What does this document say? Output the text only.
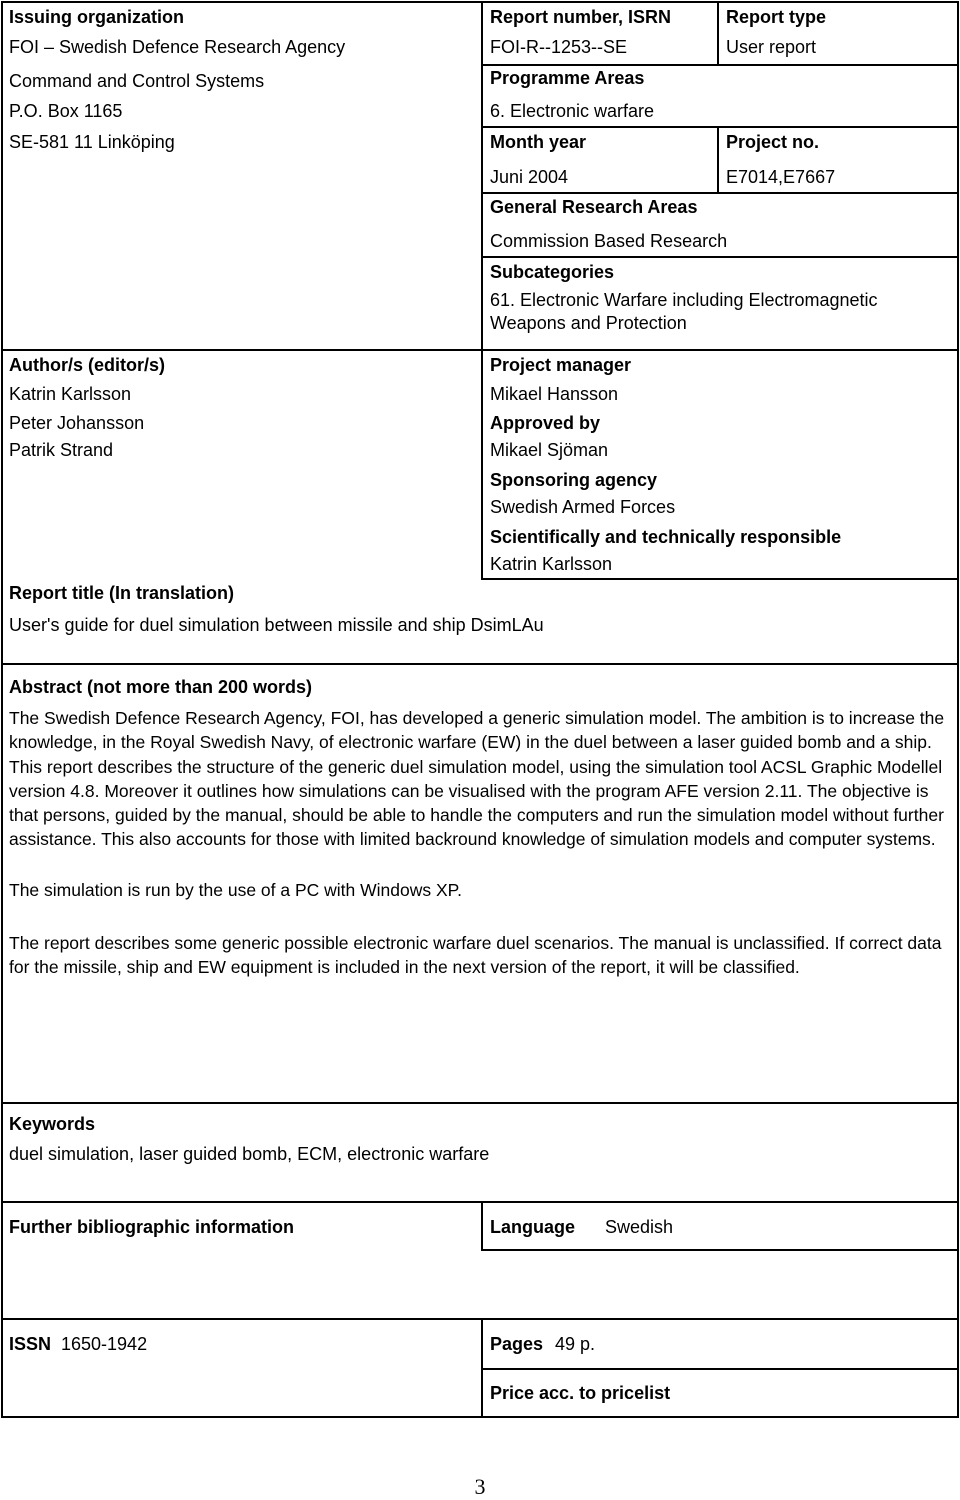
Issuing organization
FOI – Swedish Defence Research Agency
Command and Control Systems
P.O. Box 1165
SE-581 11 Linköping
Report number, ISRN
FOI-R--1253--SE
Report type
User report
Programme Areas
6. Electronic warfare
Month year
Juni 2004
Project no.
E7014,E7667
General Research Areas
Commission Based Research
Subcategories
61. Electronic Warfare including Electromagnetic
Weapons and Protection
Author/s (editor/s)
Katrin Karlsson
Peter Johansson
Patrik Strand
Project manager
Mikael Hansson
Approved by
Mikael Sjöman
Sponsoring agency
Swedish Armed Forces
Scientifically and technically responsible
Katrin Karlsson
Report title (In translation)
User's guide for duel simulation between missile and ship DsimLAu
Abstract (not more than 200 words)
The Swedish Defence Research Agency, FOI, has developed a generic simulation model. The ambition is to increase the knowledge, in the Royal Swedish Navy, of electronic warfare (EW) in the duel between a laser guided bomb and a ship. This report describes the structure of the generic duel simulation model, using the simulation tool ACSL Graphic Modellel version 4.8. Moreover it outlines how simulations can be visualised with the program AFE version 2.11. The objective is that persons, guided by the manual, should be able to handle the computers and run the simulation model without further assistance. This also accounts for those with limited backround knowledge of simulation models and computer systems.
The simulation is run by the use of a PC with Windows XP.
The report describes some generic possible electronic warfare duel scenarios. The manual is unclassified. If correct data for the missile, ship and EW equipment is included in the next version of the report, it will be classified.
Keywords
duel simulation, laser guided bomb, ECM, electronic warfare
Further bibliographic information	Language Swedish
ISSN 1650-1942	Pages 49 p.
Price acc. to pricelist
3
